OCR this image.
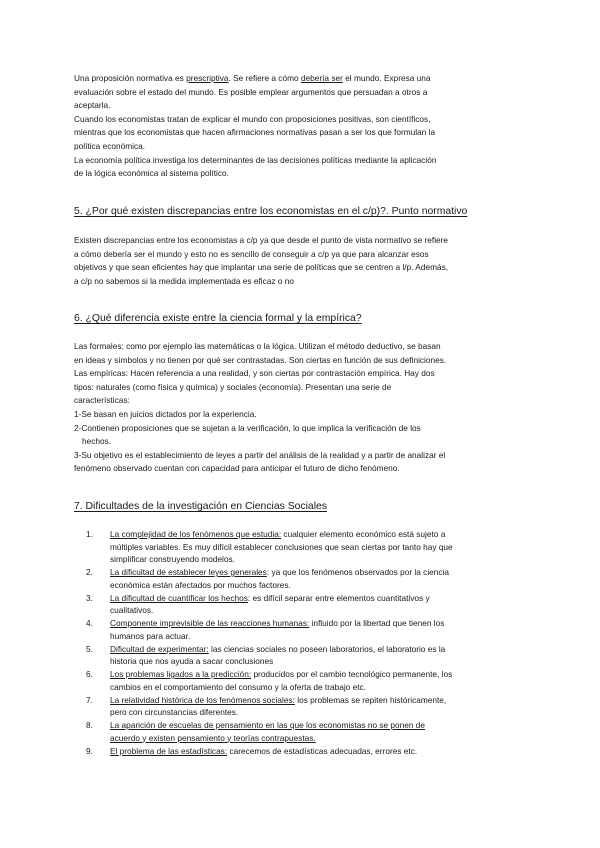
Una proposición normativa es prescriptiva. Se refiere a cómo debería ser el mundo. Expresa una
evaluación sobre el estado del mundo. Es posible emplear argumentos que persuadan a otros a
aceptarla.
Cuando los economistas tratan de explicar el mundo con proposiciones positivas, son científicos,
mientras que los economistas que hacen afirmaciones normativas pasan a ser los que formulan la
política económica.
La economía política investiga los determinantes de las decisiones políticas mediante la aplicación
de la lógica económica al sistema político.
5. ¿Por qué existen discrepancias entre los economistas en el c/p)?. Punto normativo
Existen discrepancias entre los economistas a c/p ya que desde el punto de vista normativo se refiere
a cómo debería ser el mundo y esto no es sencillo de conseguir a c/p ya que para alcanzar esos
objetivos y que sean eficientes hay que implantar una serie de políticas que se centren a l/p. Además,
a c/p no sabemos si la medida implementada es eficaz o no
6. ¿Qué diferencia existe entre la ciencia formal y la empírica?
Las formales: como por ejemplo las matemáticas o la lógica. Utilizan el método deductivo, se basan
en ideas y símbolos y no tienen por qué ser contrastadas. Son ciertas en función de sus definiciones.
Las empíricas: Hacen referencia a una realidad, y son ciertas por contrastación empírica. Hay dos
tipos: naturales (como física y química) y sociales (economía). Presentan una serie de
características:
1-Se basan en juicios dictados por la experiencia.
2-Contienen proposiciones que se sujetan a la verificación, lo que implica la verificación de los
hechos.
3-Su objetivo es el establecimiento de leyes a partir del análisis de la realidad y a partir de analizar el
fenómeno observado cuentan con capacidad para anticipar el futuro de dicho fenómeno.
7. Dificultades de la investigación en Ciencias Sociales
1.	La complejidad de los fenómenos que estudia: cualquier elemento económico está sujeto a
múltiples variables. Es muy difícil establecer conclusiones que sean ciertas por tanto hay que
simplificar construyendo modelos.
2.	La dificultad de establecer leyes generales: ya que los fenómenos observados por la ciencia
económica están afectados por muchos factores.
3.	La dificultad de cuantificar los hechos: es difícil separar entre elementos cuantitativos y
cualitativos.
4.	Componente imprevisible de las reacciones humanas: influido por la libertad que tienen los
humanos para actuar.
5.	Dificultad de experimentar: las ciencias sociales no poseen laboratorios, el laboratorio es la
historia que nos ayuda a sacar conclusiones
6.	Los problemas ligados a la predicción: producidos por el cambio tecnológico permanente, los
cambios en el comportamiento del consumo y la oferta de trabajo etc.
7.	La relatividad histórica de los fenómenos sociales: los problemas se repiten históricamente,
pero con circunstancias diferentes.
8.	La aparición de escuelas de pensamiento en las que los economistas no se ponen de
acuerdo y existen pensamiento y teorías contrapuestas.
9.	El problema de las estadísticas: carecemos de estadísticas adecuadas, errores etc.
